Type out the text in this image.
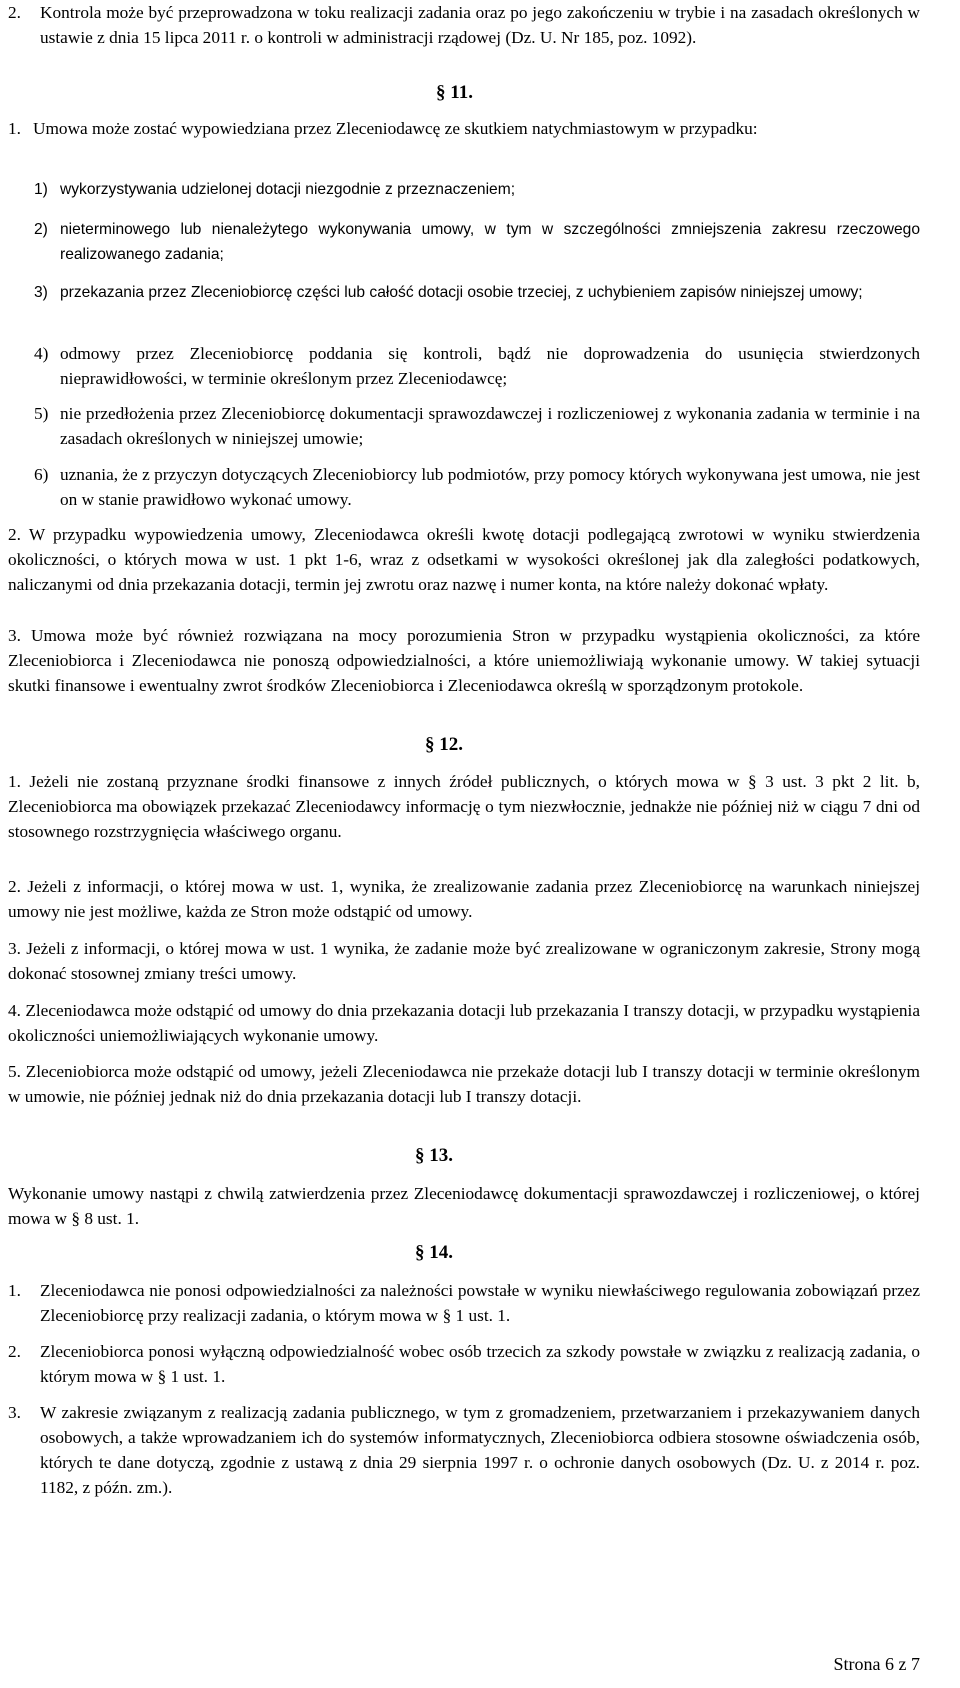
2.	Kontrola może być przeprowadzona w toku realizacji zadania oraz po jego zakończeniu w trybie i na zasadach określonych w ustawie z dnia 15 lipca 2011 r. o kontroli w administracji rządowej (Dz. U. Nr 185, poz. 1092).
§ 11.
1. Umowa może zostać wypowiedziana przez Zleceniodawcę ze skutkiem natychmiastowym w przypadku:
1) wykorzystywania udzielonej dotacji niezgodnie z przeznaczeniem;
2) nieterminowego lub nienależytego wykonywania umowy, w tym w szczególności zmniejszenia zakresu rzeczowego realizowanego zadania;
3) przekazania przez Zleceniobiorcę części lub całość dotacji osobie trzeciej, z uchybieniem zapisów niniejszej umowy;
4) odmowy przez Zleceniobiorcę poddania się kontroli, bądź nie doprowadzenia do usunięcia stwierdzonych nieprawidłowości, w terminie określonym przez Zleceniodawcę;
5) nie przedłożenia przez Zleceniobiorcę dokumentacji sprawozdawczej i rozliczeniowej z wykonania zadania w terminie i na zasadach określonych w niniejszej umowie;
6) uznania, że z przyczyn dotyczących Zleceniobiorcy lub podmiotów, przy pomocy których wykonywana jest umowa, nie jest on w stanie prawidłowo wykonać umowy.

2. W przypadku wypowiedzenia umowy, Zleceniodawca określi kwotę dotacji podlegającą zwrotowi w wyniku stwierdzenia okoliczności, o których mowa w ust. 1 pkt 1-6, wraz z odsetkami w wysokości określonej jak dla zaległości podatkowych, naliczanymi od dnia przekazania dotacji, termin jej zwrotu oraz nazwę i numer konta, na które należy dokonać wpłaty.

3. Umowa może być również rozwiązana na mocy porozumienia Stron w przypadku wystąpienia okoliczności, za które Zleceniobiorca i Zleceniodawca nie ponoszą odpowiedzialności, a które uniemożliwiają wykonanie umowy. W takiej sytuacji skutki finansowe i ewentualny zwrot środków Zleceniobiorca i Zleceniodawca określą w sporządzonym protokole.

§ 12.

1. Jeżeli nie zostaną przyznane środki finansowe z innych źródeł publicznych, o których mowa w § 3 ust. 3 pkt 2 lit. b, Zleceniobiorca ma obowiązek przekazać Zleceniodawcy informację o tym niezwłocznie, jednakże nie później niż w ciągu 7 dni od stosownego rozstrzygnięcia właściwego organu.

2. Jeżeli z informacji, o której mowa w ust. 1, wynika, że zrealizowanie zadania przez Zleceniobiorcę na warunkach niniejszej umowy nie jest możliwe, każda ze Stron może odstąpić od umowy.

3. Jeżeli z informacji, o której mowa w ust. 1 wynika, że zadanie może być zrealizowane w ograniczonym zakresie, Strony mogą dokonać stosownej zmiany treści umowy.

4. Zleceniodawca może odstąpić od umowy do dnia przekazania dotacji lub przekazania I transzy dotacji, w przypadku wystąpienia okoliczności uniemożliwiających wykonanie umowy.

5. Zleceniobiorca może odstąpić od umowy, jeżeli Zleceniodawca nie przekaże dotacji lub I transzy dotacji w terminie określonym w umowie, nie później jednak niż do dnia przekazania dotacji lub I transzy dotacji.

§ 13.

Wykonanie umowy nastąpi z chwilą zatwierdzenia przez Zleceniodawcę dokumentacji sprawozdawczej i rozliczeniowej, o której mowa w § 8 ust. 1.

§ 14.
1.	Zleceniodawca nie ponosi odpowiedzialności za należności powstałe w wyniku niewłaściwego regulowania zobowiązań przez Zleceniobiorcę przy realizacji zadania, o którym mowa w § 1 ust. 1.
2.	Zleceniobiorca ponosi wyłączną odpowiedzialność wobec osób trzecich za szkody powstałe w związku z realizacją zadania, o którym mowa w § 1 ust. 1.
3.	W zakresie związanym z realizacją zadania publicznego, w tym z gromadzeniem, przetwarzaniem i przekazywaniem danych osobowych, a także wprowadzaniem ich do systemów informatycznych, Zleceniobiorca odbiera stosowne oświadczenia osób, których te dane dotyczą, zgodnie z ustawą z dnia 29 sierpnia 1997 r. o ochronie danych osobowych (Dz. U. z 2014 r. poz. 1182, z późn. zm.).
Strona 6 z 7
